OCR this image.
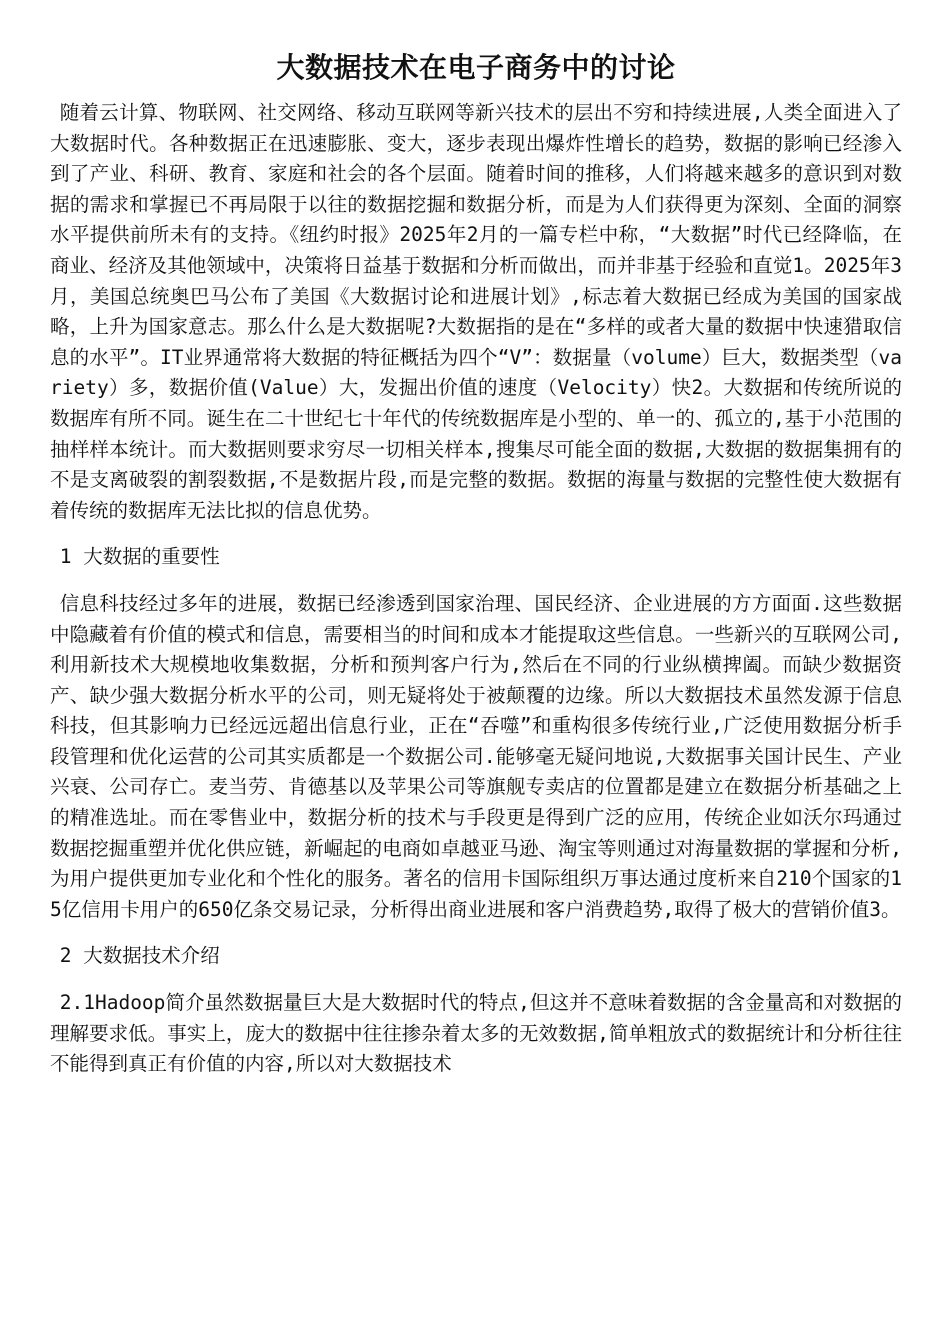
大数据技术在电子商务中的讨论

随着云计算、物联网、社交网络、移动互联网等新兴技术的层出不穷和持续进展,人类全面进入了大数据时代。各种数据正在迅速膨胀、变大，逐步表现出爆炸性增长的趋势，数据的影响已经渗入到了产业、科研、教育、家庭和社会的各个层面。随着时间的推移，人们将越来越多的意识到对数据的需求和掌握已不再局限于以往的数据挖掘和数据分析，而是为人们获得更为深刻、全面的洞察水平提供前所未有的支持。《纽约时报》2025年2月的一篇专栏中称，“大数据”时代已经降临，在商业、经济及其他领域中，决策将日益基于数据和分析而做出，而并非基于经验和直觉1。2025年3月，美国总统奥巴马公布了美国《大数据讨论和进展计划》,标志着大数据已经成为美国的国家战略，上升为国家意志。那么什么是大数据呢?大数据指的是在“多样的或者大量的数据中快速猎取信息的水平”。IT业界通常将大数据的特征概括为四个“V”：数据量（volume）巨大，数据类型（variety）多，数据价值(Value）大，发掘出价值的速度（Velocity）快2。大数据和传统所说的数据库有所不同。诞生在二十世纪七十年代的传统数据库是小型的、单一的、孤立的,基于小范围的抽样样本统计。而大数据则要求穷尽一切相关样本,搜集尽可能全面的数据,大数据的数据集拥有的不是支离破裂的割裂数据,不是数据片段,而是完整的数据。数据的海量与数据的完整性使大数据有着传统的数据库无法比拟的信息优势。

1 大数据的重要性

信息科技经过多年的进展，数据已经渗透到国家治理、国民经济、企业进展的方方面面.这些数据中隐藏着有价值的模式和信息，需要相当的时间和成本才能提取这些信息。一些新兴的互联网公司,利用新技术大规模地收集数据，分析和预判客户行为,然后在不同的行业纵横捭阖。而缺少数据资产、缺少强大数据分析水平的公司，则无疑将处于被颠覆的边缘。所以大数据技术虽然发源于信息科技，但其影响力已经远远超出信息行业，正在“吞噬”和重构很多传统行业,广泛使用数据分析手段管理和优化运营的公司其实质都是一个数据公司.能够毫无疑问地说,大数据事关国计民生、产业兴衰、公司存亡。麦当劳、肯德基以及苹果公司等旗舰专卖店的位置都是建立在数据分析基础之上的精准选址。而在零售业中，数据分析的技术与手段更是得到广泛的应用，传统企业如沃尔玛通过数据挖掘重塑并优化供应链，新崛起的电商如卓越亚马逊、淘宝等则通过对海量数据的掌握和分析,为用户提供更加专业化和个性化的服务。著名的信用卡国际组织万事达通过度析来自210个国家的15亿信用卡用户的650亿条交易记录，分析得出商业进展和客户消费趋势,取得了极大的营销价值3。

2 大数据技术介绍

2.1Hadoop简介虽然数据量巨大是大数据时代的特点,但这并不意味着数据的含金量高和对数据的理解要求低。事实上，庞大的数据中往往掺杂着太多的无效数据,简单粗放式的数据统计和分析往往不能得到真正有价值的内容,所以对大数据技术
